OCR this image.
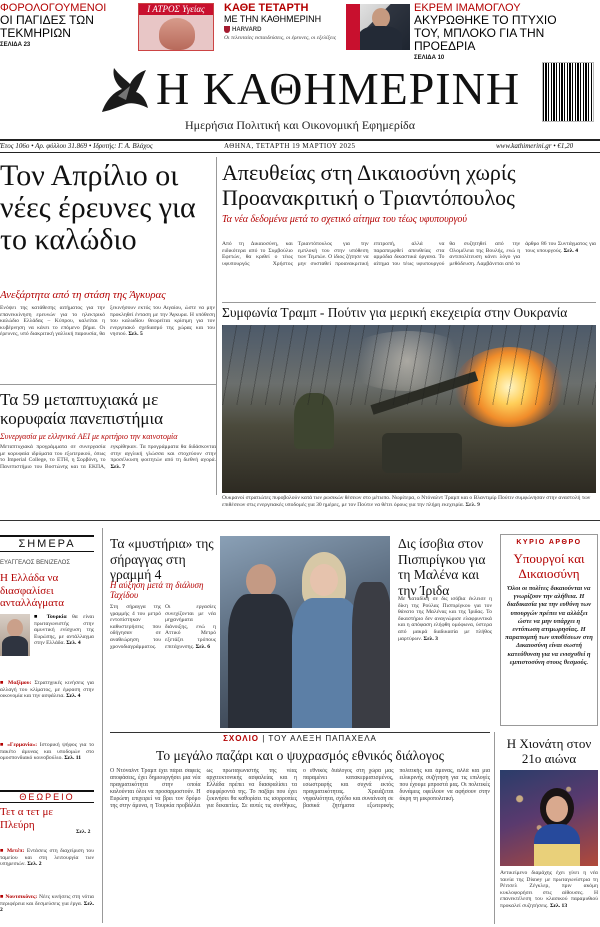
ΦΟΡΟΛΟΓΟΥΜΕΝΟΙ
ΟΙ ΠΑΓΙΔΕΣ ΤΩΝ ΤΕΚΜΗΡΙΩΝ
ΣΕΛΙΔΑ 23
Ι ΑΤΡΟΣ Υγείας	ΚΑΘΕ ΤΕΤΑΡΤΗ
ΜΕ ΤΗΝ ΚΑΘΗΜΕΡΙΝΗ
HARVARD
Οι τελευταίες εκπαιδεύσεις, οι έρευνες, οι εξελίξεις
ΕΚΡΕΜ ΙΜΑΜΟΓΛΟΥ
ΑΚΥΡΩΘΗΚΕ ΤΟ ΠΤΥΧΙΟ ΤΟΥ, ΜΠΛΟΚΟ ΓΙΑ ΤΗΝ ΠΡΟΕΔΡΙΑ
ΣΕΛΙΔΑ 10
Η ΚΑΘΗΜΕΡΙΝΗ
Ημερήσια Πολιτική και Οικονομική Εφημερίδα
Έτος 106ο • Αρ. φύλλου 31.869 • Ιδρυτής: Γ. Α. Βλάχος	ΑΘΗΝΑ, ΤΕΤΑΡΤΗ 19 ΜΑΡΤΙΟΥ 2025	www.kathimerini.gr • €1,20
Τον Απρίλιο οι νέες έρευνες για το καλώδιο
Ανεξάρτητα από τη στάση της Άγκυρας
Ενόψει της κατάθεσης αιτήματος για την επανεκκίνηση ερευνών για το ηλεκτρικό καλώδιο Ελλάδας – Κύπρου, καλείται η κυβέρνηση να κάνει το επόμενο βήμα. Οι έρευνες, υπό διακριτική γαλλική παρουσία, θα ξεκινήσουν εκτός του Αιγαίου, ώστε να μην προκληθεί ένταση με την Άγκυρα. Η υπόθεση του καλωδίου θεωρείται κρίσιμη για τον ενεργειακό σχεδιασμό της χώρας και του νησιού. Σελ. 5
Τα 59 μεταπτυχιακά με κορυφαία πανεπιστήμια
Συνεργασία με ελληνικά ΑΕΙ με κριτήριο την καινοτομία
Μεταπτυχιακά προγράμματα σε συνεργασία με κορυφαία ιδρύματα του εξωτερικού, όπως το Imperial College, το ETH, η Σορβόνη, το Πανεπιστήμιο του Βοστώνης και τα ΕΚΠΑ, εγκρίθηκαν. Τα προγράμματα θα διδάσκονται στην αγγλική γλώσσα και στοχεύουν στην προσέλκυση φοιτητών από τη διεθνή αγορά. Σελ. 7
Απευθείας στη Δικαιοσύνη χωρίς Προανακριτική ο Τριαντόπουλος
Τα νέα δεδομένα μετά το σχετικό αίτημα του τέως υφυπουργού
Από τη Δικαιοσύνη, και ειδικότερα από το Συμβούλιο Εφετών, θα κριθεί ο τέως υφυπουργός Χρήστος Τριαντόπουλος για την εμπλοκή του στην υπόθεση των Τεμπών. Ο ίδιος ζήτησε να μην συσταθεί προανακριτική επιτροπή, αλλά να παραπεμφθεί απευθείας στα αρμόδια δικαστικά όργανα. Το αίτημα του τέως υφυπουργού θα συζητηθεί από την Ολομέλεια της Βουλής, ενώ η αντιπολίτευση κάνει λόγο για μεθόδευση. Λαμβάνεται από το άρθρο 86 του Συντάγματος για τους υπουργούς. Σελ. 4
Συμφωνία Τραμπ - Πούτιν για μερική εκεχειρία στην Ουκρανία
Ουκρανοί στρατιώτες πυροβολούν κατά των ρωσικών θέσεων στο μέτωπο. Νωρίτερα, ο Ντόναλντ Τραμπ και ο Βλαντιμίρ Πούτιν συμφώνησαν στην αναστολή των επιθέσεων στις ενεργειακές υποδομές για 30 ημέρες, με τον Πούτιν να θέτει όρους για την πλήρη εκεχειρία. Σελ. 9
ΣΗΜΕΡΑ
ΕΥΑΓΓΕΛΟΣ ΒΕΝΙΖΕΛΟΣ
Η Ελλάδα να διασφαλίσει ανταλλάγματα
■ Τουρκία θα είναι πρωταγωνιστής στην αμυντική ενίσχυση της Ευρώπης, με αντάλλαγμα στην Ελλάδα. Σελ. 4
■ Μαξίμου: Στρατηγικές κινήσεις για αλλαγή του κλίματος, με έμφαση στην οικονομία και την ασφάλεια. Σελ. 4
■ «Γερμανία»: Ιστορική ψήφος για το πακέτο άμυνας και υποδομών στο ομοσπονδιακό κοινοβούλιο. Σελ. 11
ΘΕΩΡΕΙΟ
Τετ α τετ με Πλεύρη
Σελ. 2
■ Μετέπ: Εντάσεις στη διαχείριση του ταμείου και στη λειτουργία των υπηρεσιών. Σελ. 2
■ Νουτσικόνες: Νέες κινήσεις στη νότια περιφέρεια και δεσμεύσεις για έργα. Σελ. 2
Τα «μυστήρια» της σήραγγας στη γραμμή 4
Η αύξηση μετά τη διάλυση Ταχίδου
Στη σήραγγα της γραμμής 4 του μετρό εντοπίστηκαν καθυστερήσεις που οδήγησαν σε αναθεώρηση του χρονοδιαγράμματος. Οι εργασίες συνεχίζονται με νέα μηχανήματα διάνοιξης, ενώ η Αττικό Μετρό εξετάζει τρόπους επιτάχυνσης. Σελ. 6
Δις ίσοβια στον Πισπιρίγκου για τη Μαλένα και την Ίριδα
Με καταδίκη σε δις ισόβια έκλεισε η δίκη της Ρούλας Πισπιρίγκου για τον θάνατο της Μαλένας και της Ίριδας. Το δικαστήριο δεν αναγνώρισε ελαφρυντικά και η απόφαση ελήφθη ομόφωνα, ύστερα από μακρά διαδικασία με πλήθος μαρτύρων. Σελ. 3
ΚΥΡΙΟ ΑΡΘΡΟ
Υπουργοί και Δικαιοσύνη
Όλοι οι πολίτες δικαιούνται να γνωρίζουν την αλήθεια. Η διαδικασία για την ευθύνη των υπουργών πρέπει να αλλάξει ώστε να μην υπάρχει η εντύπωση ατιμωρησίας. Η παραπομπή των υποθέσεων στη Δικαιοσύνη είναι σωστή κατεύθυνση για να ενισχυθεί η εμπιστοσύνη στους θεσμούς.
ΣΧΟΛΙΟ | ΤΟΥ ΑΛΕΞΗ ΠΑΠΑΧΕΛΑ
Το μεγάλο παζάρι και ο ψυχρασμός εθνικός διάλογος
Ο Ντόναλντ Τραμπ έχει πάρει σαφείς αποφάσεις, έχει δημιουργήσει μια νέα πραγματικότητα στην οποία καλούνται όλοι να προσαρμοστούν. Η Ευρώπη επιχειρεί να βρει τον δρόμο της στην άμυνα, η Τουρκία προβάλλει ως πρωταγωνιστής της νέας αρχιτεκτονικής ασφαλείας και η Ελλάδα πρέπει να διασφαλίσει τα συμφέροντά της. Το παζάρι που έχει ξεκινήσει θα καθορίσει τις ισορροπίες για δεκαετίες. Σε αυτές τις συνθήκες, ο εθνικός διάλογος στη χώρα μας παραμένει κατακερματισμένος, εσωστρεφής και συχνά εκτός πραγματικότητας. Χρειάζεται νηφαλιότητα, σχέδιο και συναίνεση σε βασικά ζητήματα εξωτερικής πολιτικής και άμυνας, αλλά και μια ειλικρινής συζήτηση για τις επιλογές που έχουμε μπροστά μας. Οι πολιτικές δυνάμεις οφείλουν να αφήσουν στην άκρη τη μικροπολιτική.
Η Χιονάτη στον 21ο αιώνα
Αντικείμενο διαμάχης έχει γίνει η νέα ταινία της Disney με πρωταγωνίστρια τη Ρέιτσελ Ζέγκλερ, πριν ακόμη κυκλοφορήσει στις αίθουσες. Η επανεκτέλεση του κλασικού παραμυθιού προκαλεί συζητήσεις. Σελ. 13
